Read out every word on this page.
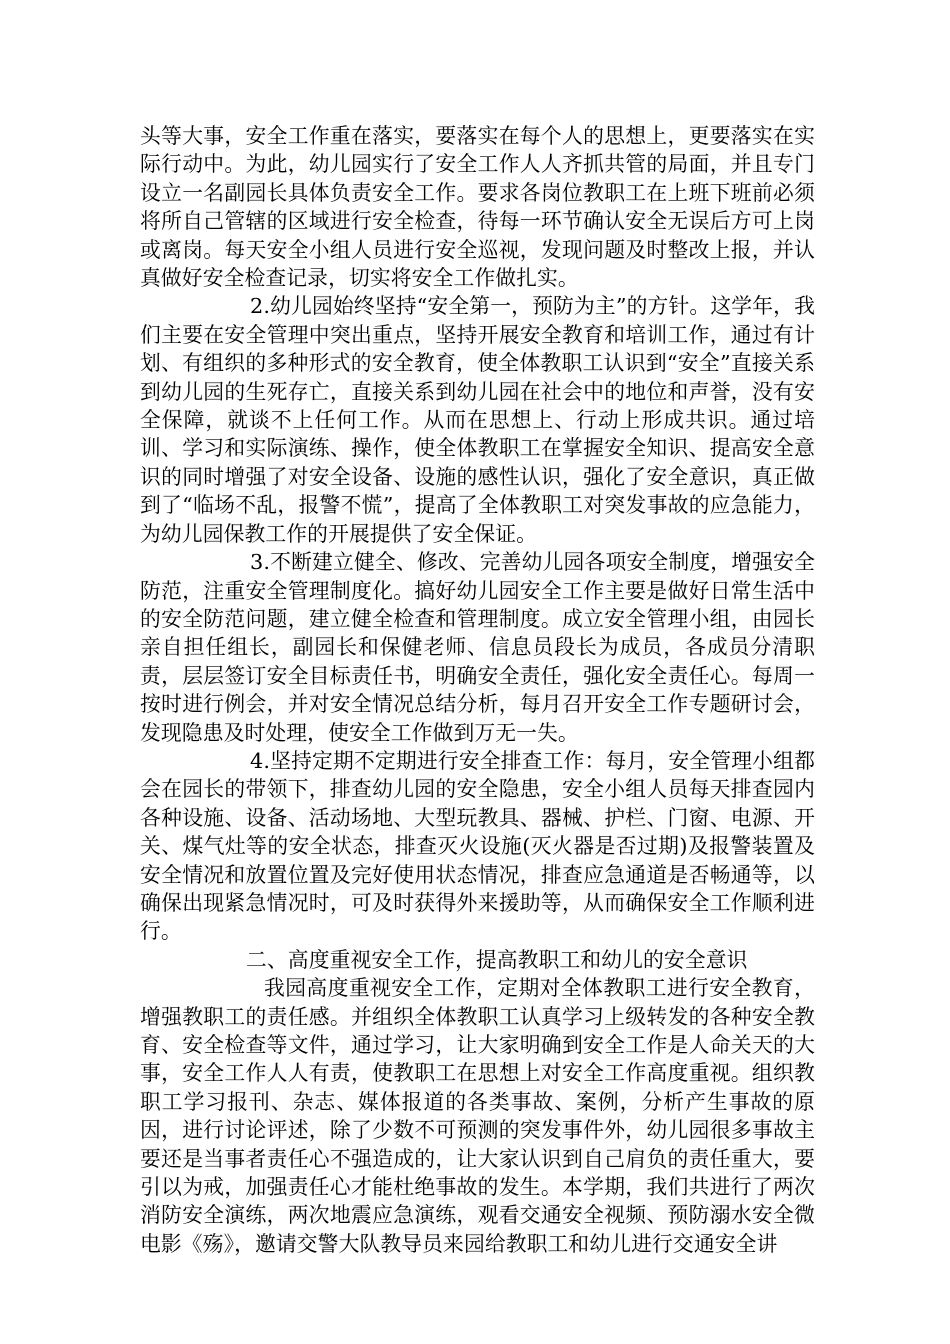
头等大事，安全工作重在落实，要落实在每个人的思想上，更要落实在实际行动中。为此，幼儿园实行了安全工作人人齐抓共管的局面，并且专门设立一名副园长具体负责安全工作。要求各岗位教职工在上班下班前必须将所自己管辖的区域进行安全检查，待每一环节确认安全无误后方可上岗或离岗。每天安全小组人员进行安全巡视，发现问题及时整改上报，并认真做好安全检查记录，切实将安全工作做扎实。

2.幼儿园始终坚持“安全第一，预防为主”的方针。这学年，我们主要在安全管理中突出重点，坚持开展安全教育和培训工作，通过有计划、有组织的多种形式的安全教育，使全体教职工认识到“安全”直接关系到幼儿园的生死存亡，直接关系到幼儿园在社会中的地位和声誉，没有安全保障，就谈不上任何工作。从而在思想上、行动上形成共识。通过培训、学习和实际演练、操作，使全体教职工在掌握安全知识、提高安全意识的同时增强了对安全设备、设施的感性认识，强化了安全意识，真正做到了“临场不乱，报警不慌”，提高了全体教职工对突发事故的应急能力，为幼儿园保教工作的开展提供了安全保证。

3.不断建立健全、修改、完善幼儿园各项安全制度，增强安全防范，注重安全管理制度化。搞好幼儿园安全工作主要是做好日常生活中的安全防范问题，建立健全检查和管理制度。成立安全管理小组，由园长亲自担任组长，副园长和保健老师、信息员段长为成员，各成员分清职责，层层签订安全目标责任书，明确安全责任，强化安全责任心。每周一按时进行例会，并对安全情况总结分析，每月召开安全工作专题研讨会，发现隐患及时处理，使安全工作做到万无一失。

4.坚持定期不定期进行安全排查工作：每月，安全管理小组都会在园长的带领下，排查幼儿园的安全隐患，安全小组人员每天排查园内各种设施、设备、活动场地、大型玩教具、器械、护栏、门窗、电源、开关、煤气灶等的安全状态，排查灭火设施(灭火器是否过期)及报警装置及安全情况和放置位置及完好使用状态情况，排查应急通道是否畅通等，以确保出现紧急情况时，可及时获得外来援助等，从而确保安全工作顺利进行。

二、高度重视安全工作，提高教职工和幼儿的安全意识

我园高度重视安全工作，定期对全体教职工进行安全教育，增强教职工的责任感。并组织全体教职工认真学习上级转发的各种安全教育、安全检查等文件，通过学习，让大家明确到安全工作是人命关天的大事，安全工作人人有责，使教职工在思想上对安全工作高度重视。组织教职工学习报刊、杂志、媒体报道的各类事故、案例，分析产生事故的原因，进行讨论评述，除了少数不可预测的突发事件外，幼儿园很多事故主要还是当事者责任心不强造成的，让大家认识到自己肩负的责任重大，要引以为戒，加强责任心才能杜绝事故的发生。本学期，我们共进行了两次消防安全演练，两次地震应急演练，观看交通安全视频、预防溺水安全微电影《殇》，邀请交警大队教导员来园给教职工和幼儿进行交通安全讲
